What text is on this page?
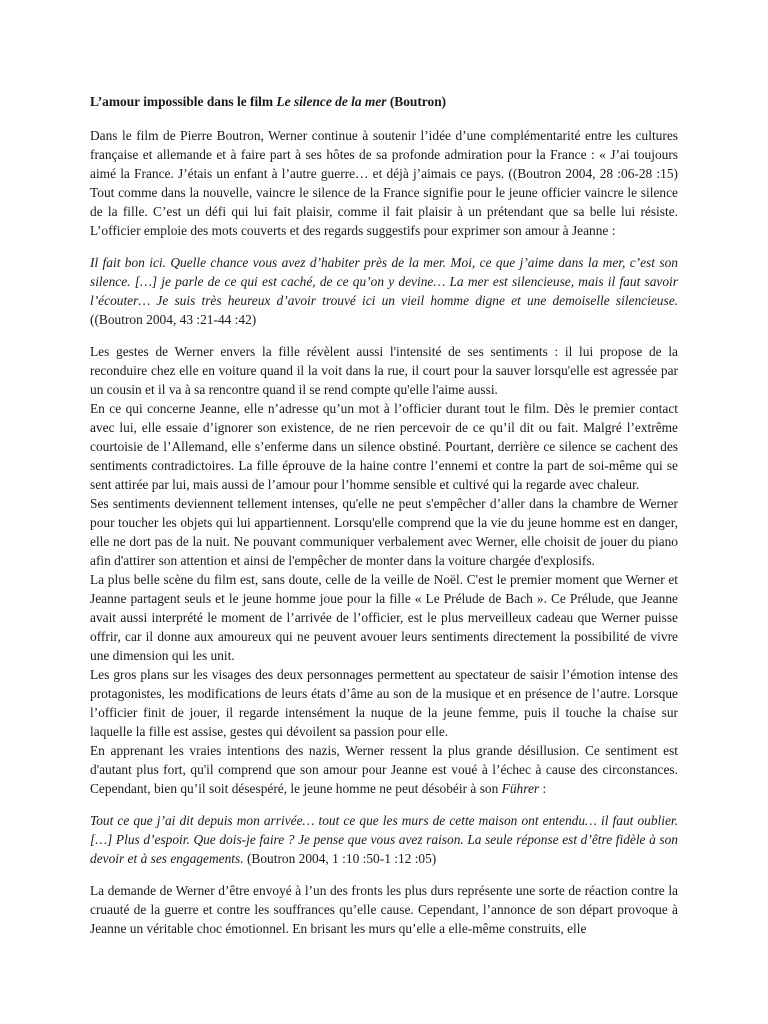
L’amour impossible dans le film Le silence de la mer (Boutron)

Dans le film de Pierre Boutron, Werner continue à soutenir l’idée d’une complémentarité entre les cultures française et allemande et à faire part à ses hôtes de sa profonde admiration pour la France : « J’ai toujours aimé la France. J’étais un enfant à l’autre guerre… et déjà j’aimais ce pays. ((Boutron 2004, 28 :06-28 :15) Tout comme dans la nouvelle, vaincre le silence de la France signifie pour le jeune officier vaincre le silence de la fille. C’est un défi qui lui fait plaisir, comme il fait plaisir à un prétendant que sa belle lui résiste. L’officier emploie des mots couverts et des regards suggestifs pour exprimer son amour à Jeanne :

Il fait bon ici. Quelle chance vous avez d’habiter près de la mer. Moi, ce que j’aime dans la mer, c’est son silence. […] je parle de ce qui est caché, de ce qu’on y devine… La mer est silencieuse, mais il faut savoir l’écouter… Je suis très heureux d’avoir trouvé ici un vieil homme digne et une demoiselle silencieuse. ((Boutron 2004, 43 :21-44 :42)

Les gestes de Werner envers la fille révèlent aussi l'intensité de ses sentiments : il lui propose de la reconduire chez elle en voiture quand il la voit dans la rue, il court pour la sauver lorsqu'elle est agressée par un cousin et il va à sa rencontre quand il se rend compte qu'elle l'aime aussi.

En ce qui concerne Jeanne, elle n’adresse qu’un mot à l’officier durant tout le film. Dès le premier contact avec lui, elle essaie d’ignorer son existence, de ne rien percevoir de ce qu’il dit ou fait. Malgré l’extrême courtoisie de l’Allemand, elle s’enferme dans un silence obstiné. Pourtant, derrière ce silence se cachent des sentiments contradictoires. La fille éprouve de la haine contre l’ennemi et contre la part de soi-même qui se sent attirée par lui, mais aussi de l’amour pour l’homme sensible et cultivé qui la regarde avec chaleur.

Ses sentiments deviennent tellement intenses, qu'elle ne peut s'empêcher d’aller dans la chambre de Werner pour toucher les objets qui lui appartiennent. Lorsqu'elle comprend que la vie du jeune homme est en danger, elle ne dort pas de la nuit. Ne pouvant communiquer verbalement avec Werner, elle choisit de jouer du piano afin d'attirer son attention et ainsi de l'empêcher de monter dans la voiture chargée d'explosifs.

La plus belle scène du film est, sans doute, celle de la veille de Noël. C'est le premier moment que Werner et Jeanne partagent seuls et le jeune homme joue pour la fille « Le Prélude de Bach ». Ce Prélude, que Jeanne avait aussi interprété le moment de l’arrivée de l’officier, est le plus merveilleux cadeau que Werner puisse offrir, car il donne aux amoureux qui ne peuvent avouer leurs sentiments directement la possibilité de vivre une dimension qui les unit.

Les gros plans sur les visages des deux personnages permettent au spectateur de saisir l’émotion intense des protagonistes, les modifications de leurs états d’âme au son de la musique et en présence de l’autre. Lorsque l’officier finit de jouer, il regarde intensément la nuque de la jeune femme, puis il touche la chaise sur laquelle la fille est assise, gestes qui dévoilent sa passion pour elle.

En apprenant les vraies intentions des nazis, Werner ressent la plus grande désillusion. Ce sentiment est d'autant plus fort, qu'il comprend que son amour pour Jeanne est voué à l’échec à cause des circonstances. Cependant, bien qu’il soit désespéré, le jeune homme ne peut désobéir à son Führer :

Tout ce que j’ai dit depuis mon arrivée… tout ce que les murs de cette maison ont entendu… il faut oublier. […] Plus d’espoir. Que dois-je faire ? Je pense que vous avez raison. La seule réponse est d’être fidèle à son devoir et à ses engagements. (Boutron 2004, 1 :10 :50-1 :12 :05)

La demande de Werner d’être envoyé à l’un des fronts les plus durs représente une sorte de réaction contre la cruauté de la guerre et contre les souffrances qu’elle cause. Cependant, l’annonce de son départ provoque à Jeanne un véritable choc émotionnel. En brisant les murs qu’elle a elle-même construits, elle
